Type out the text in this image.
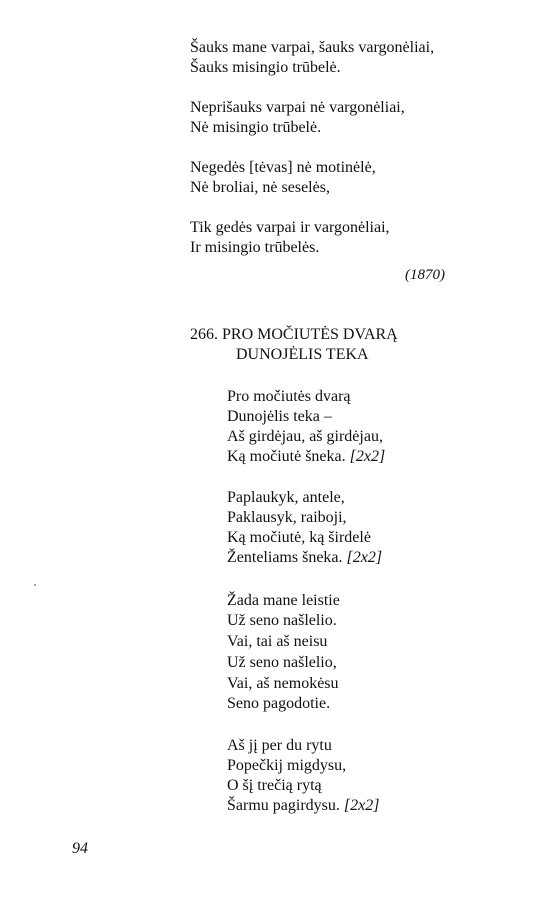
Šauks mane varpai, šauks vargonėliai,
Šauks misingio trūbelė.
Neprišauks varpai nė vargonėliai,
Nė misingio trūbelė.
Negedės [tėvas] nė motinėlė,
Nė broliai, nė seselės,
Tik gedės varpai ir vargonėliai,
Ir misingio trūbelės.
(1870)
266. PRO MOČIUTĖS DVARĄ
DUNOJĖLIS TEKA
Pro močiutės dvarą
Dunojėlis teka –
Aš girdėjau, aš girdėjau,
Ką močiutė šneka. [2x2]
Paplaukyk, antele,
Paklausyk, raiboji,
Ką močiutė, ką širdelė
Ženteliams šneka. [2x2]
Žada mane leistie
Už seno našlelio.
Vai, tai aš neisu
Už seno našlelio,
Vai, aš nemokėsu
Seno pagodotie.
Aš jį per du rytu
Popečkij migdysu,
O šį trečią rytą
Šarmu pagirdysu. [2x2]
94
